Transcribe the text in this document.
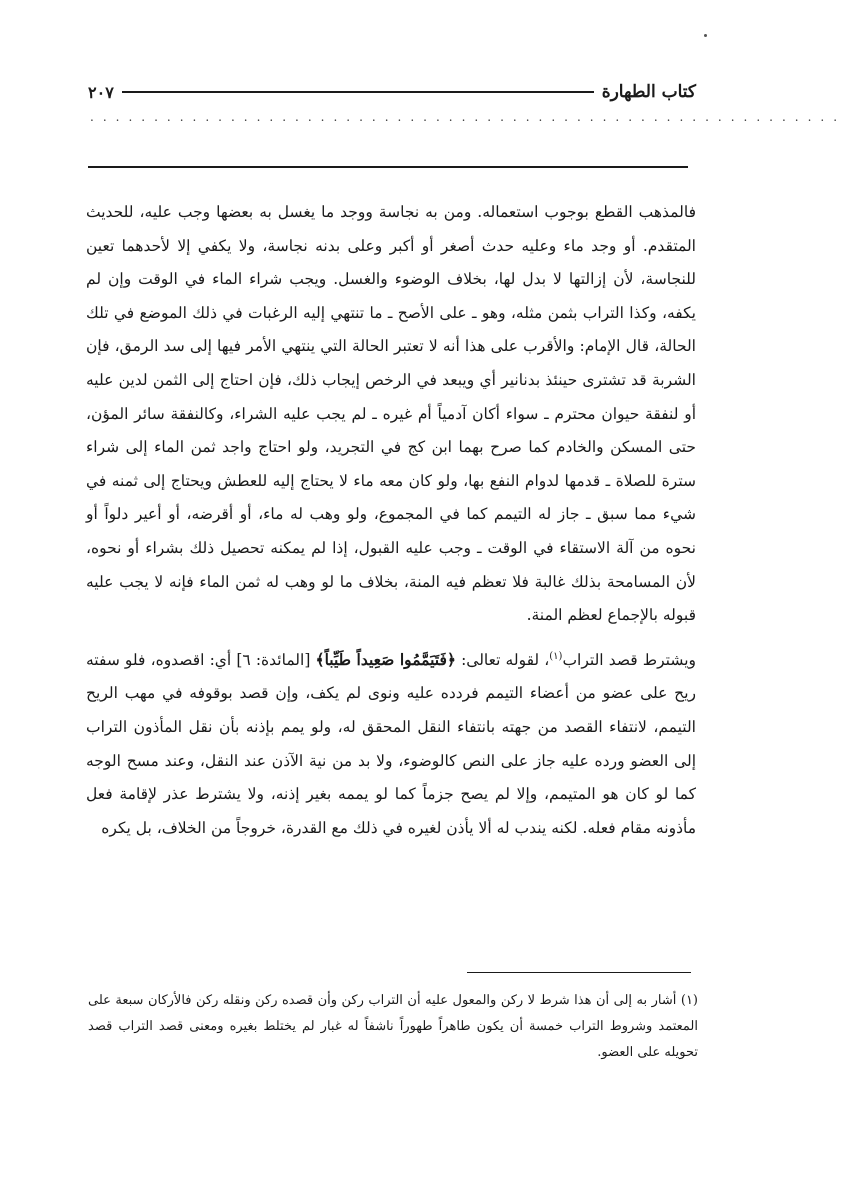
كتاب الطهارة
٢٠٧
...........................................................

فالمذهب القطع بوجوب استعماله. ومن به نجاسة ووجد ما يغسل به بعضها وجب عليه، للحديث المتقدم. أو وجد ماء وعليه حدث أصغر أو أكبر وعلى بدنه نجاسة، ولا يكفي إلا لأحدهما تعين للنجاسة، لأن إزالتها لا بدل لها، بخلاف الوضوء والغسل. ويجب شراء الماء في الوقت وإن لم يكفه، وكذا التراب بثمن مثله، وهو ـ على الأصح ـ ما تنتهي إليه الرغبات في ذلك الموضع في تلك الحالة، قال الإمام: والأقرب على هذا أنه لا تعتبر الحالة التي ينتهي الأمر فيها إلى سد الرمق، فإن الشربة قد تشترى حينئذ بدنانير أي ويبعد في الرخص إيجاب ذلك، فإن احتاج إلى الثمن لدين عليه أو لنفقة حيوان محترم ـ سواء أكان آدمياً أم غيره ـ لم يجب عليه الشراء، وكالنفقة سائر المؤن، حتى المسكن والخادم كما صرح بهما ابن كج في التجريد، ولو احتاج واجد ثمن الماء إلى شراء سترة للصلاة ـ قدمها لدوام النفع بها، ولو كان معه ماء لا يحتاج إليه للعطش ويحتاج إلى ثمنه في شيء مما سبق ـ جاز له التيمم كما في المجموع، ولو وهب له ماء، أو أقرضه، أو أعير دلواً أو نحوه من آلة الاستقاء في الوقت ـ وجب عليه القبول، إذا لم يمكنه تحصيل ذلك بشراء أو نحوه، لأن المسامحة بذلك غالبة فلا تعظم فيه المنة، بخلاف ما لو وهب له ثمن الماء فإنه لا يجب عليه قبوله بالإجماع لعظم المنة.

ويشترط قصد التراب$^{(١)}$، لقوله تعالى: ﴿فَتَيَمَّمُوا صَعِيداً طَيِّباً﴾ [المائدة: ٦] أي: اقصدوه، فلو سفته ريح على عضو من أعضاء التيمم فردده عليه ونوى لم يكف، وإن قصد بوقوفه في مهب الريح التيمم، لانتفاء القصد من جهته بانتفاء النقل المحقق له، ولو يمم بإذنه بأن نقل المأذون التراب إلى العضو ورده عليه جاز على النص كالوضوء، ولا بد من نية الآذن عند النقل، وعند مسح الوجه كما لو كان هو المتيمم، وإلا لم يصح جزماً كما لو يممه بغير إذنه، ولا يشترط عذر لإقامة فعل مأذونه مقام فعله. لكنه يندب له ألا يأذن لغيره في ذلك مع القدرة، خروجاً من الخلاف، بل يكره

(١) أشار به إلى أن هذا شرط لا ركن والمعول عليه أن التراب ركن وأن قصده ركن ونقله ركن فالأركان سبعة على المعتمد وشروط التراب خمسة أن يكون طاهراً طهوراً ناشفاً له غبار لم يختلط بغيره ومعنى قصد التراب قصد تحويله على العضو.
